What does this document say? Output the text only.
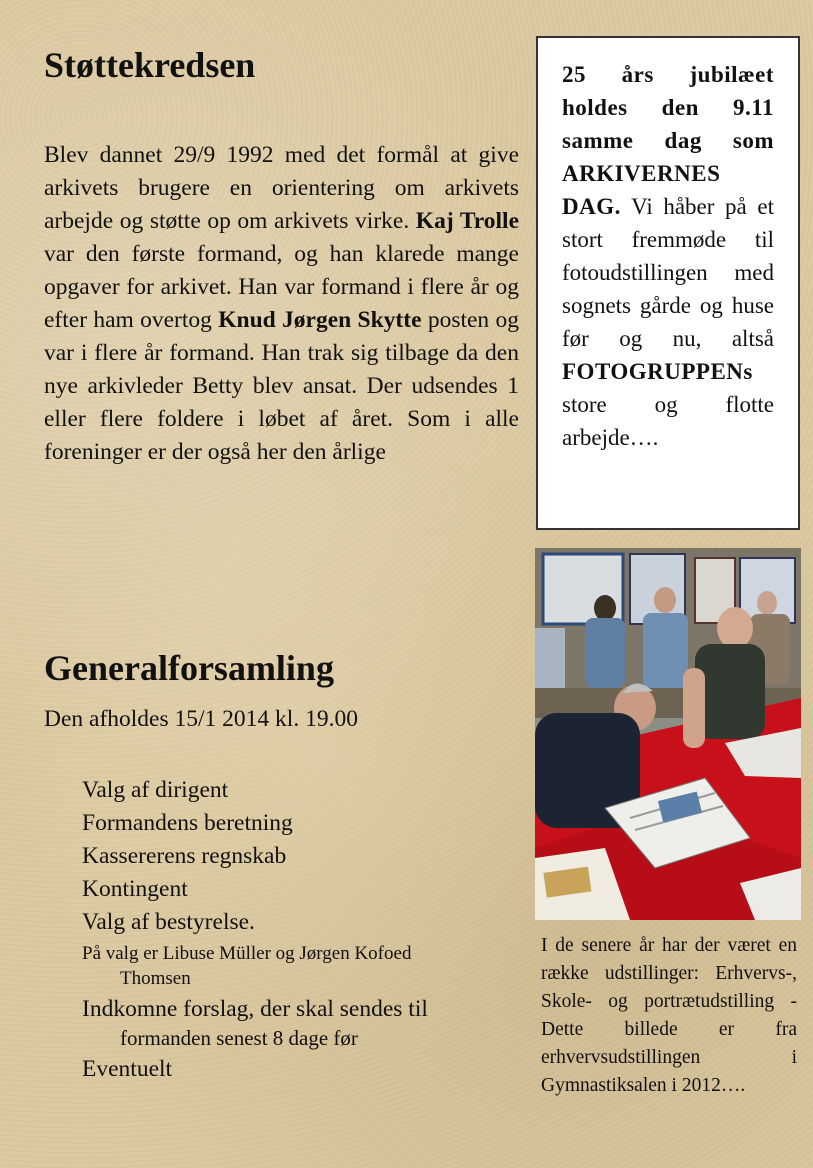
Støttekredsen
Blev dannet 29/9 1992 med det formål at give arkivets brugere en orientering om arkivets arbejde og støtte op om arkivets virke. Kaj Trolle var den første formand, og han klarede mange opgaver for arkivet. Han var formand i flere år og efter ham overtog Knud Jørgen Skytte posten og var i flere år formand. Han trak sig tilbage da den nye arkivleder Betty blev ansat. Der udsendes 1 eller flere foldere i løbet af året. Som i alle foreninger er der også her den årlige
Generalforsamling
Den afholdes 15/1 2014 kl. 19.00
Valg af dirigent
Formandens beretning
Kassererens regnskab
Kontingent
Valg af bestyrelse.
På valg er Libuse Müller og Jørgen Kofoed
Thomsen
Indkomne forslag, der skal sendes til
formanden senest 8 dage før
Eventuelt
25 års jubilæet holdes den 9.11 samme dag som ARKIVERNES DAG. Vi håber på et stort fremmøde til fotoudstillingen med sognets gårde og huse før og nu, altså FOTOGRUPPENs store og flotte arbejde….
I de senere år har der været en række udstillinger: Erhvervs-, Skole- og portrætudstilling - Dette billede er fra erhvervsudstillingen i Gymnastiksalen i 2012….
